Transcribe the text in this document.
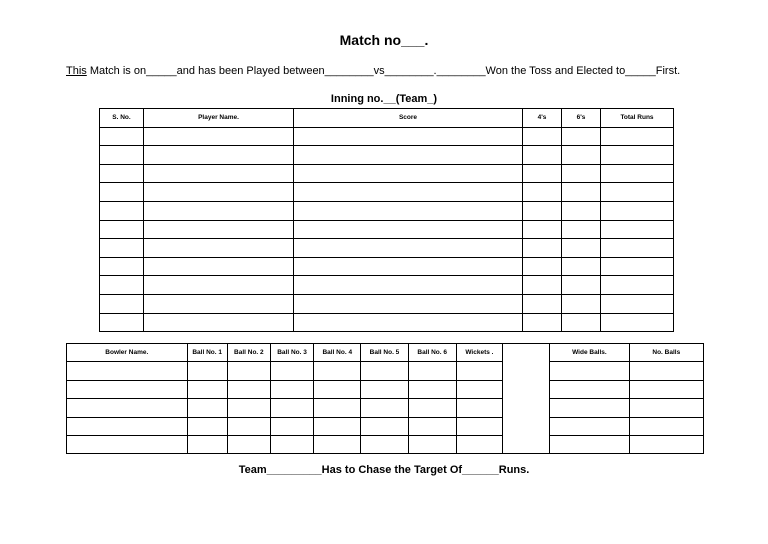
Match no___.
This Match is on_____and has been Played between________vs________.________Won the Toss and Elected to_____First.
Inning no.__(Team_)
S. No.	Player Name.	Score	4's	6's	Total Runs

Bowler Name.	Ball No. 1	Ball No. 2	Ball No. 3	Ball No. 4	Ball No. 5	Ball No. 6	Wickets .		Wide Balls.	No. Balls

Team_________Has to Chase the Target Of______Runs.
